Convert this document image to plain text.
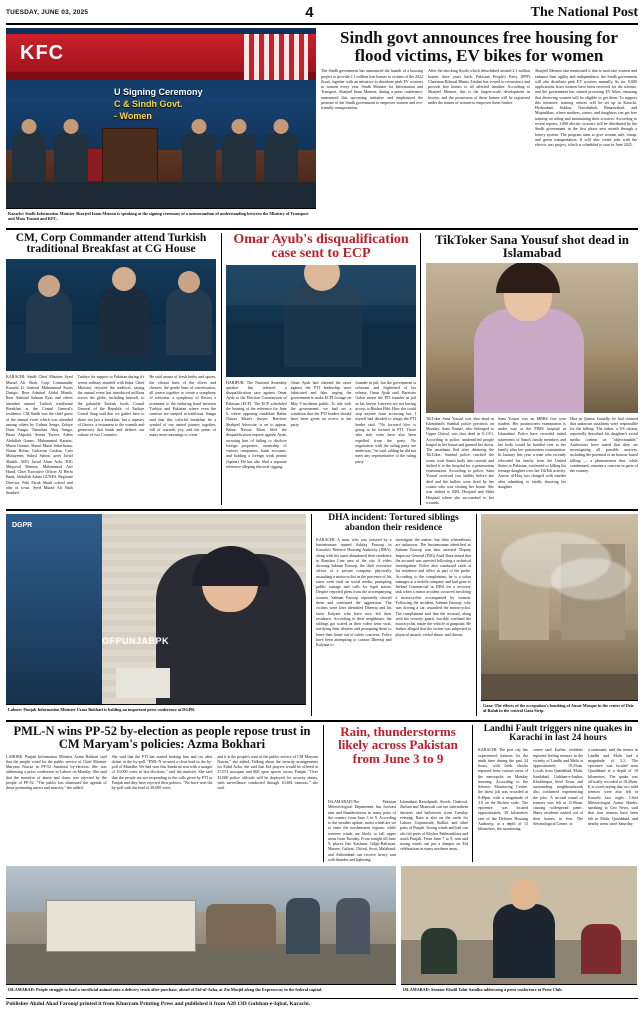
TUESDAY, JUNE 03, 2025	4	The National Post
KFC
U Signing Ceremony
C & Sindh Govt.
- Women
Karachi: Sindh Information Minister Sharjeel Inam Memon is speaking at the signing ceremony of a memorandum of understanding between the Ministry of Transport and Mass Transit and KFC.
Sindh govt announces free housing for flood victims, EV bikes for women
The Sindh government has announced the launch of a housing project to provide 2.1 million free homes to victims of the 2022 flood, together with an initiative to distribute pink EV scooters to women every year. Sindh Minister for Information and Transport, Sharjeel Inam Memon, during a press conference, announced this upcoming initiative and emphasised the promise of the Sindh government to empower women and eco-friendly transportation.
After the shocking floods which demolished around 2.1 million homes three years back, Pakistan People's Party (PPP) Chairman Bilawal Bhutto Zardari has vowed to reconstruct and provide free homes to all affected families. According to Sharjeel Memon, this is the largest-scale development in history, and the possession of these homes will be registered under the names of women to empower them further.
Sharjeel Memon also mentioned it that to motivate women and enhance their agility and independence, the Sindh government will also distribute pink EV scooters annually. So far, 8,000 applications from women have been received for the scheme, and the government has started procuring EV bikes, ensuring that deserving women will be eligible to get them. To support this initiative, training centres will be set up in Karachi, Hyderabad, Sukkur, Nawabshah, Benazirabad, and Mirpurkhas, where mothers, sisters, and daughters can get free training on riding and maintaining their scooters. According to recent reports, 1,000 electric scooters will be distributed by the Sindh government in the first phase next month through a lottery system. The program aims to give women safe, cheap, and green transportation. It will also create jobs with the electric taxi project, which is scheduled to start in June 2025.
CM, Corp Commander attend Turkish traditional Breakfast at CG House
KARACHI: Sindh Chief Minister Syed Murad Ali Shah, Corp Commander Karachi Lt General Muhammad Awais Dastgir, Rear Admiral Abdul Munib, Rear Admiral Salman Ilyas and others attended annual Turkish traditional Breakfast at the Consul General's residence. CM Sindh was the chief guest of the annual event which was attended among others by Gulnaz Senga, Zekiye Duru Sungu, Timurhan Abuj Sungu, Basra Akpolat, Sertan Yuceer, Adem Abdullah Gunes, Muhammed Karatas, Murat Ozmen, Ahmet Murat Sekerlioma, Nazan Bolun, Gulcecan Coskun, Cem Muluyener, Suhisl Sabira, azret Javad Shaikh, ADG Javad Alam Azhr, DIG Maqsood Memon, Muhammad Arif Hanif, Chief Executive Officer Al Herfa Bank, Abdullah Adam GUNES, Regional Director, Paki Faruk Shatif school and othr of town. Syed Murad Ali Shah thanked
Tarkiye for support to Pakistan during it's recent military standoff with India. Chief Minister, rejoiced the tradition, saying the annual event has introduced millions across the globe, including himself, to the palatable Turkish foods. Consul General of the Republic of Turkiye Cemal Sang said that we gather here to share not just a breakfast, but a tapestry of flavors, a testament to the warmth and generosity that binds and defines our culture of two Countries.
He said aroma of fresh herbs and spices, the vibrant hues of the olives and cheeses, the gentle hum of conversation, all weave together to create a symphony of welcome, a symphony of flavors a testament to the enduring bond between Turkiye and Pakistan where even the sunrises are steeped in traditions. Sungu said that this colorful breakfast be a symbol of our united journey together, full of warmth, joy, and the poem of many more mornings to come.
Omar Ayub's disqualification case sent to ECP
HARIPUR: The National Assembly speaker has referred a disqualification case against Omar Ayub to the Election Commission of Pakistan (ECP). The ECP scheduled the hearing of the reference for June 6, where opposing candidate Babur Nawaz Khan's lawyer, Barrister Shahjeel Advocate, is set to appear. Babur Nawaz Khan filed the disqualification request against Ayub, accusing him of failing to disclose foreign properties, ownership of various companies, bank accounts, and holding a foreign work permit (Iqama). He has also filed a separate reference alleging electoral rigging.
Omar Ayub had claimed the cases against the PTI leadership were fabricated and fake, urging the government to make ECPI footage on May 9 incidents public. To tide with the government, we had set a condition that the PTI leaders should have been given an access to the party
founder in jail, but the government is reluctant and frightened of his release, Omar Ayub said. Barrister Gohar meets the PTI founder in jail as his lawyer Lawyers are not having access to Bushra Bibi. How she could stop anyone from accessing her, I myself had decided to resign the PTI leader said. "No forward bloc is going to be formed in PTI. Those who side votes have also been expelled from the party. No negotiation with the ruling party are underway," he said, adding he did not meet any representative of the ruling party.
TikToker Sana Yousuf shot dead in Islamabad
TikToker Sana Yousuf was shot dead in Islamabad's Sumbal police precincts on Monday. Sana Yousaf, who belonged to Upper Chitral, was shot dead in G-13/1, According to police, unidentified people barged in her house and gunned her down. The assailants fled after detaining the TikToker. Sumbal police reached the scene, took Sana's body into custody and shifted it to the hospital for a postmortem examination. According to police, Sana Yousuf received two bullets before she died and the bullets were fired by her cousin who was visiting her house. She was shifted to KRL Hospital and Shifa Hospital where she succumbed to her wounds.
Sana Yousaf was an MBBS first year student. Her postmortem examination is under way at the PIMS hospital in Islamabad. Police have recorded initial statements of Sana's family members and her body would be handed over to her family after her postmortem examination. In January this year, a man who recently relocated his family from the United States to Pakistan, confessed to killing his teenage daughter over her TikTok activity. Anwar ul-Haq was charged with murder after admitting to fatally shooting his daughter
Hira in Quetta. Initially, he had claimed that unknown assailants were responsible for the killing. The father, a US citizen, reportedly described his daughter's social media content as "objectionable." Authorities have stated that they are investigating all possible motives, including the potential of an honour-based killing — a phenomenon that, while condemned, remains a concern in parts of the country.
DGPR
OFPUNJABPK
Lahore: Punjab Information Minister Uzma Bukhari is holding an important press conference at DGPR.
DHA incident: Tortured siblings abandon their residence
KARACHI: A man, who was tortured by a businessman named Ashfaq Farooqi in Karachi's Defence Housing Authority (DHA), along with his sister abandoned their residence in Ranchor Line area of the city. A video showing Salman Farooqi, the chief executive officer of a private company, physically assaulting a motorcyclist in the precence of his sister went viral on social media, prompting public outrage and calls for legal action. Despite reported pleas from the accompanying women, Salman Farooqi repeatedly shoved them and continued the aggression. The victims were later identified Dheeraj and his sister Kalyani who have now left their residence. According to their neighbours, the siblings got scared as their video went viral, terrifying their distress and prompting them to leave their home out of safety concerns. Police have been attempting to contact Dheeraj and Kalyana to
investigate the matter, but their whereabouts are unknown. The businessman identified as Salman Farooqi was later arrested. Deputy Inspector General (DIG) Asad Raza stated that the accused was arrested following a technical investigation. Police also conducted raids at his residence and office as part of the probe. According to the complainant, he is a salon manager at a mobile company and had gone to Ittehad Commercial in DHA for a recovery task when a minor accident occurred involving a motorcyclist accompanied by women. Following the incident, Salman Farooqi, who was driving a car, assaulted the motorcyclist. The complainant said that the accused, along with his security guard, forcibly confined the motorcyclist inside the vehicle at gunpoint. He further alleged that the victim was subjected to physical assault, verbal abuse, and threats.
Gaza: The effects of the occupation's bombing of Ansar Mosque in the center of Deir al-Balah in the central Gaza Strip.
PML-N wins PP-52 by-election as people repose trust in CM Maryam's policies: Azma Bokhari
LAHORE: Punjab Information Minister Azma Bokhari said that the people voted for the public service of Chief Minister Maryam Nawaz in PP-52 Sambrial by-election. She was addressing a press conference in Lahore on Monday. She said that the narrative of abuse and chaos was rejected by the people of PP-52. "The public has dismissed the agenda of those promoting unrest and anarchy," she added.
She said that the PTI has started making fuss and cry after defeat in the by-poll. "PML-N secured a clear lead in the by-poll of Muridke. We had won this Sambrial seat with a margin of 10,000 votes in last elections," said the minister. She said that the people are not responding to the calls given by PTI in Punjab and they have rejected their politics. "We have won the by-poll with the lead of 38,000 votes
and it is the people's trust in the public service of CM Maryam Nawaz," she added, Talking about the security arrangements for Eidul Azha, she said that Eid prayers would be offered at 27,074 mosques and 800 open spaces across Punjab. "Over 43,000 police officials will be deployed for security duties, with surveillance conducted through 10,484 cameras," she said.
Rain, thunderstorms likely across Pakistan from June 3 to 9
ISLAMABAD:The Pakistan Meteorological Department has forecast rain and thunderstorms in many parts of the country from June 3 to 9. According to the weather update, moist winds are set to enter the northeastern regions, while western winds are likely to fall upper areas from Tuesday. From tonight till June 9, places like Kashmir, Gilgit-Baltistan, Murree, Galiyat, Chitral, Swat, Malakand, and Abbottabad can receive heavy rain with thunder and lightning.
Islamabad, Rawalpindi, Attock, Chakwal, Jhelum and Mianwali can see intermittent showers and hailstorms from Tuesday evening. Rain is also on the cards for Lahore, Gujranwala, Sialkot, and other parts of Punjab. Strong winds and hail can also hit parts of Khyber Pakhtunkhwa and south Punjab. From June 7 to 9, rain and strong winds can put a damper on Eid celebrations in many northern areas.
Landhi Fault triggers nine quakes in Karachi in last 24 hours
KARACHI: The port city has experienced tremors for the ninth time during the past 24 hours, with fresh shocks reported from various areas of the metropolis on Monday morning. According to the Seismic Monitoring Centre, the latest jolt was recorded at 8:49pm, with a magnitude of 3.0 on the Richter scale. The epicentre was located approximately 30 kilometres east of the Defence Housing Authority, at a depth of 13 kilometres, the monitoring
centre said. Earlier, residents reported feeling tremors in the vicinity of Landhi and Malir at approximately 10:25am. Locals from Quaidabad, Malir, Saudabad, Gulshan-e-Jauhar, Khokhrapar, Steel Town, and surrounding neighbourhoods also confirmed experiencing the jolts. A second round of tremors was felt at 11:06am, causing widespread panic. Many residents rushed out of their homes in fear. The Seismological Centre, in
a statement, said the tremor in Landhi and Malir had a magnitude of 3.2. The epicentre was located near Quaidabad at a depth of 10 kilometres. The quake was officially recorded at 10:29am. It is worth noting that two mild tremors were also felt in Karachi last night. Chief Meteorologist Aamir Haider, speaking to Geo News, said that four tremors have been felt in Malir, Quaidabad, and nearby areas since Saturday.
ISLAMABAD: People struggle to load a sacrificial animal onto a delivery truck after purchase, ahead of Eid-ul-Azha, at Zia Masjid along the Expressway in the federal capital.	ISLAMABAD: Senator Khalil Tahir Sandhu addressing a press conference at Press Club.
Publisher Abdul Ahad Farooqi printed it from Khurram Printing Press and published it from A28 13D Gulshan-e-Iqbal, Karachi.
